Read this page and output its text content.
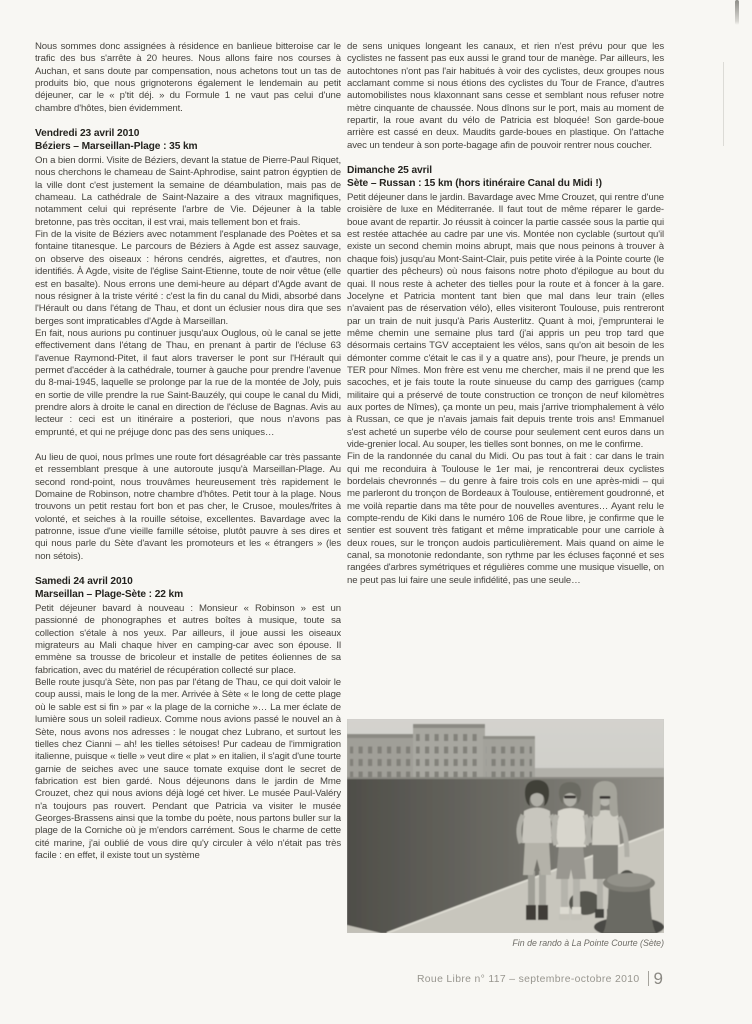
Nous sommes donc assignées à résidence en banlieue bitteroise car le trafic des bus s'arrête à 20 heures. Nous allons faire nos courses à Auchan, et sans doute par compensation, nous achetons tout un tas de produits bio, que nous grignoterons également le lendemain au petit déjeuner, car le « p'tit déj. » du Formule 1 ne vaut pas celui d'une chambre d'hôtes, bien évidemment.

Vendredi 23 avril 2010
Béziers – Marseillan-Plage : 35 km

On a bien dormi. Visite de Béziers, devant la statue de Pierre-Paul Riquet, nous cherchons le chameau de Saint-Aphrodise, saint patron égyptien de la ville dont c'est justement la semaine de déambulation, mais pas de chameau. La cathédrale de Saint-Nazaire a des vitraux magnifiques, notamment celui qui représente l'arbre de Vie. Déjeuner à la table bretonne, pas très occitan, il est vrai, mais tellement bon et frais.

Fin de la visite de Béziers avec notamment l'esplanade des Poètes et sa fontaine titanesque. Le parcours de Béziers à Agde est assez sauvage, on observe des oiseaux : hérons cendrés, aigrettes, et d'autres, non identifiés. À Agde, visite de l'église Saint-Etienne, toute de noir vêtue (elle est en basalte). Nous errons une demi-heure au départ d'Agde avant de nous résigner à la triste vérité : c'est la fin du canal du Midi, absorbé dans l'Hérault ou dans l'étang de Thau, et dont un éclusier nous dira que ses berges sont impraticables d'Agde à Marseillan.

En fait, nous aurions pu continuer jusqu'aux Ouglous, où le canal se jette effectivement dans l'étang de Thau, en prenant à partir de l'écluse 63 l'avenue Raymond-Pitet, il faut alors traverser le pont sur l'Hérault qui permet d'accéder à la cathédrale, tourner à gauche pour prendre l'avenue du 8-mai-1945, laquelle se prolonge par la rue de la montée de Joly, puis en sortie de ville prendre la rue Saint-Bauzély, qui coupe le canal du Midi, prendre alors à droite le canal en direction de l'écluse de Bagnas. Avis au lecteur : ceci est un itinéraire a posteriori, que nous n'avons pas emprunté, et qui ne préjuge donc pas des sens uniques…

Au lieu de quoi, nous prîmes une route fort désagréable car très passante et ressemblant presque à une autoroute jusqu'à Marseillan-Plage. Au second rond-point, nous trouvâmes heureusement très rapidement le Domaine de Robinson, notre chambre d'hôtes. Petit tour à la plage. Nous trouvons un petit restau fort bon et pas cher, le Crusoe, moules/frites à volonté, et seiches à la rouille sétoise, excellentes. Bavardage avec la patronne, issue d'une vieille famille sétoise, plutôt pauvre à ses dires et qui nous parle du Sète d'avant les promoteurs et les « étrangers » (les non sétois).

Samedi 24 avril 2010
Marseillan – Plage-Sète : 22 km

Petit déjeuner bavard à nouveau : Monsieur « Robinson » est un passionné de phonographes et autres boîtes à musique, toute sa collection s'étale à nos yeux. Par ailleurs, il joue aussi les oiseaux migrateurs au Mali chaque hiver en camping-car avec son épouse. Il emmène sa trousse de bricoleur et installe de petites éoliennes de sa fabrication, avec du matériel de récupération collecté sur place.

Belle route jusqu'à Sète, non pas par l'étang de Thau, ce qui doit valoir le coup aussi, mais le long de la mer. Arrivée à Sète « le long de cette plage où le sable est si fin » par « la plage de la corniche »… La mer éclate de lumière sous un soleil radieux. Comme nous avions passé le nouvel an à Sète, nous avons nos adresses : le nougat chez Lubrano, et surtout les tielles chez Cianni – ah! les tielles sétoises! Pur cadeau de l'immigration italienne, puisque « tielle » veut dire « plat » en italien, il s'agit d'une tourte garnie de seiches avec une sauce tomate exquise dont le secret de fabrication est bien gardé. Nous déjeunons dans le jardin de Mme Crouzet, chez qui nous avions déjà logé cet hiver. Le musée Paul-Valéry n'a toujours pas rouvert. Pendant que Patricia va visiter le musée Georges-Brassens ainsi que la tombe du poète, nous partons buller sur la plage de la Corniche où je m'endors carrément. Sous le charme de cette cité marine, j'ai oublié de vous dire qu'y circuler à vélo n'était pas très facile : en effet, il existe tout un système

de sens uniques longeant les canaux, et rien n'est prévu pour que les cyclistes ne fassent pas eux aussi le grand tour de manège. Par ailleurs, les autochtones n'ont pas l'air habitués à voir des cyclistes, deux groupes nous acclamant comme si nous étions des cyclistes du Tour de France, d'autres automobilistes nous klaxonnant sans cesse et semblant nous refuser notre mètre cinquante de chaussée. Nous dînons sur le port, mais au moment de repartir, la roue avant du vélo de Patricia est bloquée! Son garde-boue arrière est cassé en deux. Maudits garde-boues en plastique. On l'attache avec un tendeur à son porte-bagage afin de pouvoir rentrer nous coucher.

Dimanche 25 avril
Sète – Russan : 15 km (hors itinéraire Canal du Midi !)

Petit déjeuner dans le jardin. Bavardage avec Mme Crouzet, qui rentre d'une croisière de luxe en Méditerranée. Il faut tout de même réparer le garde-boue avant de repartir. Jo réussit à coincer la partie cassée sous la partie qui est restée attachée au cadre par une vis. Montée non cyclable (surtout qu'il existe un second chemin moins abrupt, mais que nous peinons à trouver à chaque fois) jusqu'au Mont-Saint-Clair, puis petite virée à la Pointe courte (le quartier des pêcheurs) où nous faisons notre photo d'épilogue au bout du quai. Il nous reste à acheter des tielles pour la route et à foncer à la gare. Jocelyne et Patricia montent tant bien que mal dans leur train (elles n'avaient pas de réservation vélo), elles visiteront Toulouse, puis rentreront par un train de nuit jusqu'à Paris Austerlitz. Quant à moi, j'emprunterai le même chemin une semaine plus tard (j'ai appris un peu trop tard que désormais certains TGV acceptaient les vélos, sans qu'on ait besoin de les démonter comme c'était le cas il y a quatre ans), pour l'heure, je prends un TER pour Nîmes. Mon frère est venu me chercher, mais il ne prend que les sacoches, et je fais toute la route sinueuse du camp des garrigues (camp militaire qui a préservé de toute construction ce tronçon de neuf kilomètres aux portes de Nîmes), ça monte un peu, mais j'arrive triomphalement à vélo à Russan, ce que je n'avais jamais fait depuis trente trois ans! Emmanuel s'est acheté un superbe vélo de course pour seulement cent euros dans un vide-grenier local. Au souper, les tielles sont bonnes, on me le confirme.

Fin de la randonnée du canal du Midi. Ou pas tout à fait : car dans le train qui me reconduira à Toulouse le 1er mai, je rencontrerai deux cyclistes bordelais chevronnés – du genre à faire trois cols en une après-midi – qui me parleront du tronçon de Bordeaux à Toulouse, entièrement goudronné, et me voilà repartie dans ma tête pour de nouvelles aventures… Ayant relu le compte-rendu de Kiki dans le numéro 106 de Roue libre, je confirme que le sentier est souvent très fatigant et même impraticable pour une carriole à deux roues, sur le tronçon audois particulièrement. Mais quand on aime le canal, sa monotonie redondante, son rythme par les écluses façonné et ses rangées d'arbres symétriques et régulières comme une musique visuelle, on ne peut pas lui faire une seule infidélité, pas une seule…

Fin de rando à La Pointe Courte (Sète)
Roue Libre n° 117 – septembre-octobre 2010 9
